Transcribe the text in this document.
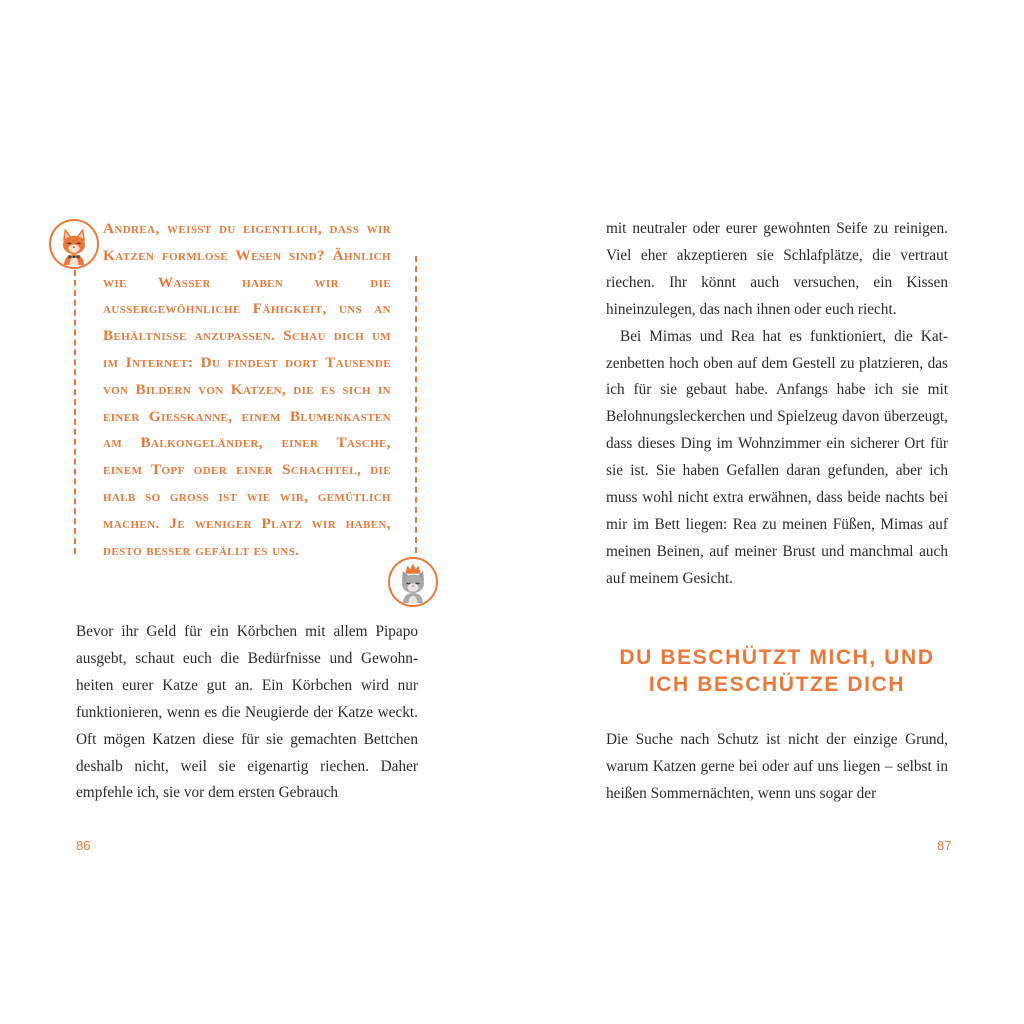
Andrea, weisst du eigentlich, dass wir Katzen formlose Wesen sind? Ähnlich wie Wasser haben wir die aussergewöhnliche Fähigkeit, uns an Behältnisse anzupassen. Schau dich um im Internet: Du findest dort Tausende von Bildern von Katzen, die es sich in einer Giesskanne, einem Blumenkasten am Balkongeländer, einer Tasche, einem Topf oder einer Schachtel, die halb so gross ist wie wir, gemütlich machen. Je weniger Platz wir haben, desto besser gefällt es uns.

Bevor ihr Geld für ein Körbchen mit allem Pipapo ausgebt, schaut euch die Bedürfnisse und Gewohnheiten eurer Katze gut an. Ein Körbchen wird nur funktionieren, wenn es die Neugierde der Katze weckt. Oft mögen Katzen diese für sie gemachten Bettchen deshalb nicht, weil sie eigenartig riechen. Daher empfehle ich, sie vor dem ersten Gebrauch

86

mit neutraler oder eurer gewohnten Seife zu reinigen. Viel eher akzeptieren sie Schlafplätze, die vertraut riechen. Ihr könnt auch versuchen, ein Kissen hineinzulegen, das nach ihnen oder euch riecht.

Bei Mimas und Rea hat es funktioniert, die Katzenbetten hoch oben auf dem Gestell zu platzieren, das ich für sie gebaut habe. Anfangs habe ich sie mit Belohnungsleckerchen und Spielzeug davon überzeugt, dass dieses Ding im Wohnzimmer ein sicherer Ort für sie ist. Sie haben Gefallen daran gefunden, aber ich muss wohl nicht extra erwähnen, dass beide nachts bei mir im Bett liegen: Rea zu meinen Füßen, Mimas auf meinen Beinen, auf meiner Brust und manchmal auch auf meinem Gesicht.

DU BESCHÜTZT MICH, UND
ICH BESCHÜTZE DICH

Die Suche nach Schutz ist nicht der einzige Grund, warum Katzen gerne bei oder auf uns liegen – selbst in heißen Sommernächten, wenn uns sogar der

87
